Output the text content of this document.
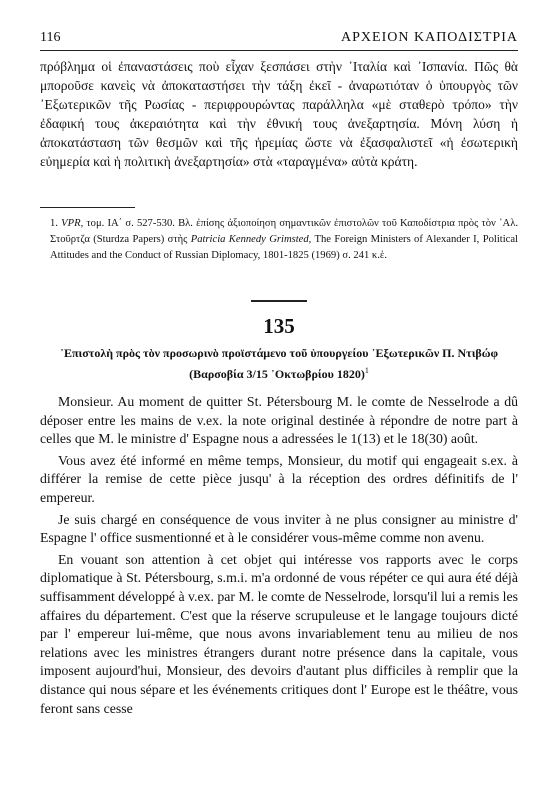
116	ΑΡΧΕΙΟΝ ΚΑΠΟΔΙΣΤΡΙΑ

πρόβλημα οἱ ἐπαναστάσεις ποὺ εἶχαν ξεσπάσει στὴν ᾿Ιταλία καὶ ᾿Ισπανία. Πῶς θὰ μποροῦσε κανεὶς νὰ ἀποκαταστήσει τὴν τάξη ἐκεῖ - ἀναρωτιόταν ὁ ὑπουργὸς τῶν ᾿Εξωτερικῶν τῆς Ρωσίας - περιφρουρώντας παράλληλα «μὲ σταθερὸ τρόπο» τὴν ἐδαφική τους ἀκεραιότητα καὶ τὴν ἐθνική τους ἀνεξαρτησία. Μόνη λύση ἡ ἀποκατάσταση τῶν θεσμῶν καὶ τῆς ἠρεμίας ὥστε νὰ ἐξασφαλιστεῖ «ἡ ἐσωτερικὴ εὐημερία καὶ ἡ πολιτικὴ ἀνεξαρτησία» στὰ «ταραγμένα» αὐτὰ κράτη.

1. VPR, τομ. ΙΑ΄ σ. 527-530. Βλ. ἐπίσης ἀξιοποίηση σημαντικῶν ἐπιστολῶν τοῦ Καποδίστρια πρὸς τὸν ᾿Αλ. Στοῦρτζα (Sturdza Papers) στὴς Patricia Kennedy Grimsted, The Foreign Ministers of Alexander I, Political Attitudes and the Conduct of Russian Diplomacy, 1801-1825 (1969) σ. 241 κ.ἑ.

135
᾿Επιστολὴ πρὸς τὸν προσωρινὸ προϊστάμενο τοῦ ὑπουργείου ᾿Εξωτερικῶν Π. Ντιβώφ
(Βαρσοβία 3/15 ᾿Οκτωβρίου 1820)$^1$

Monsieur. Au moment de quitter St. Pétersbourg M. le comte de Nesselrode a dû déposer entre les mains de v.ex. la note original destinée à répondre de notre part à celles que M. le ministre d' Espagne nous a adressées le 1(13) et le 18(30) août.

Vous avez été informé en même temps, Monsieur, du motif qui engageait s.ex. à différer la remise de cette pièce jusqu' à la réception des ordres définitifs de l' empereur.

Je suis chargé en conséquence de vous inviter à ne plus consigner au ministre d' Espagne l' office susmentionné et à le considérer vous-même comme non avenu.

En vouant son attention à cet objet qui intéresse vos rapports avec le corps diplomatique à St. Pétersbourg, s.m.i. m'a ordonné de vous répéter ce qui aura été déjà suffisamment développé à v.ex. par M. le comte de Nesselrode, lorsqu'il lui a remis les affaires du département. C'est que la réserve scrupuleuse et le langage toujours dicté par l' empereur lui-même, que nous avons invariablement tenu au milieu de nos relations avec les ministres étrangers durant notre présence dans la capitale, vous imposent aujourd'hui, Monsieur, des devoirs d'autant plus difficiles à remplir que la distance qui nous sépare et les événements critiques dont l' Europe est le théâtre, vous feront sans cesse
